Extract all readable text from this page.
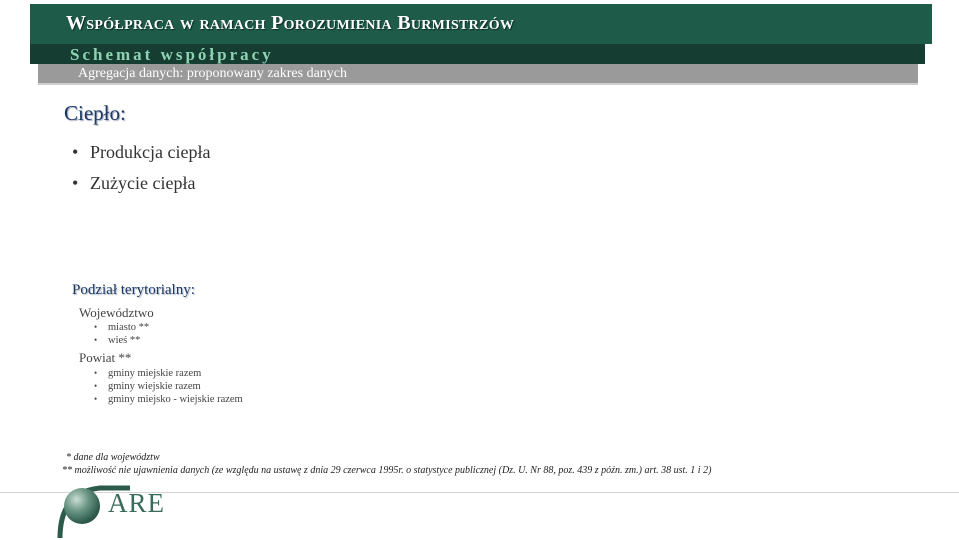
Współpraca w ramach Porozumienia Burmistrzów
Schemat współpracy
Agregacja danych: proponowany zakres danych
Ciepło:
• Produkcja ciepła
• Zużycie ciepła
Podział terytorialny:
Województwo
• miasto **
• wieś **
Powiat **
• gminy miejskie razem
• gminy wiejskie razem
• gminy miejsko - wiejskie razem
* dane dla województw
** możliwość nie ujawnienia danych (ze względu na ustawę z dnia 29 czerwca 1995r. o statystyce publicznej (Dz. U. Nr 88, poz. 439 z późn. zm.) art. 38 ust. 1 i 2)
ARE
